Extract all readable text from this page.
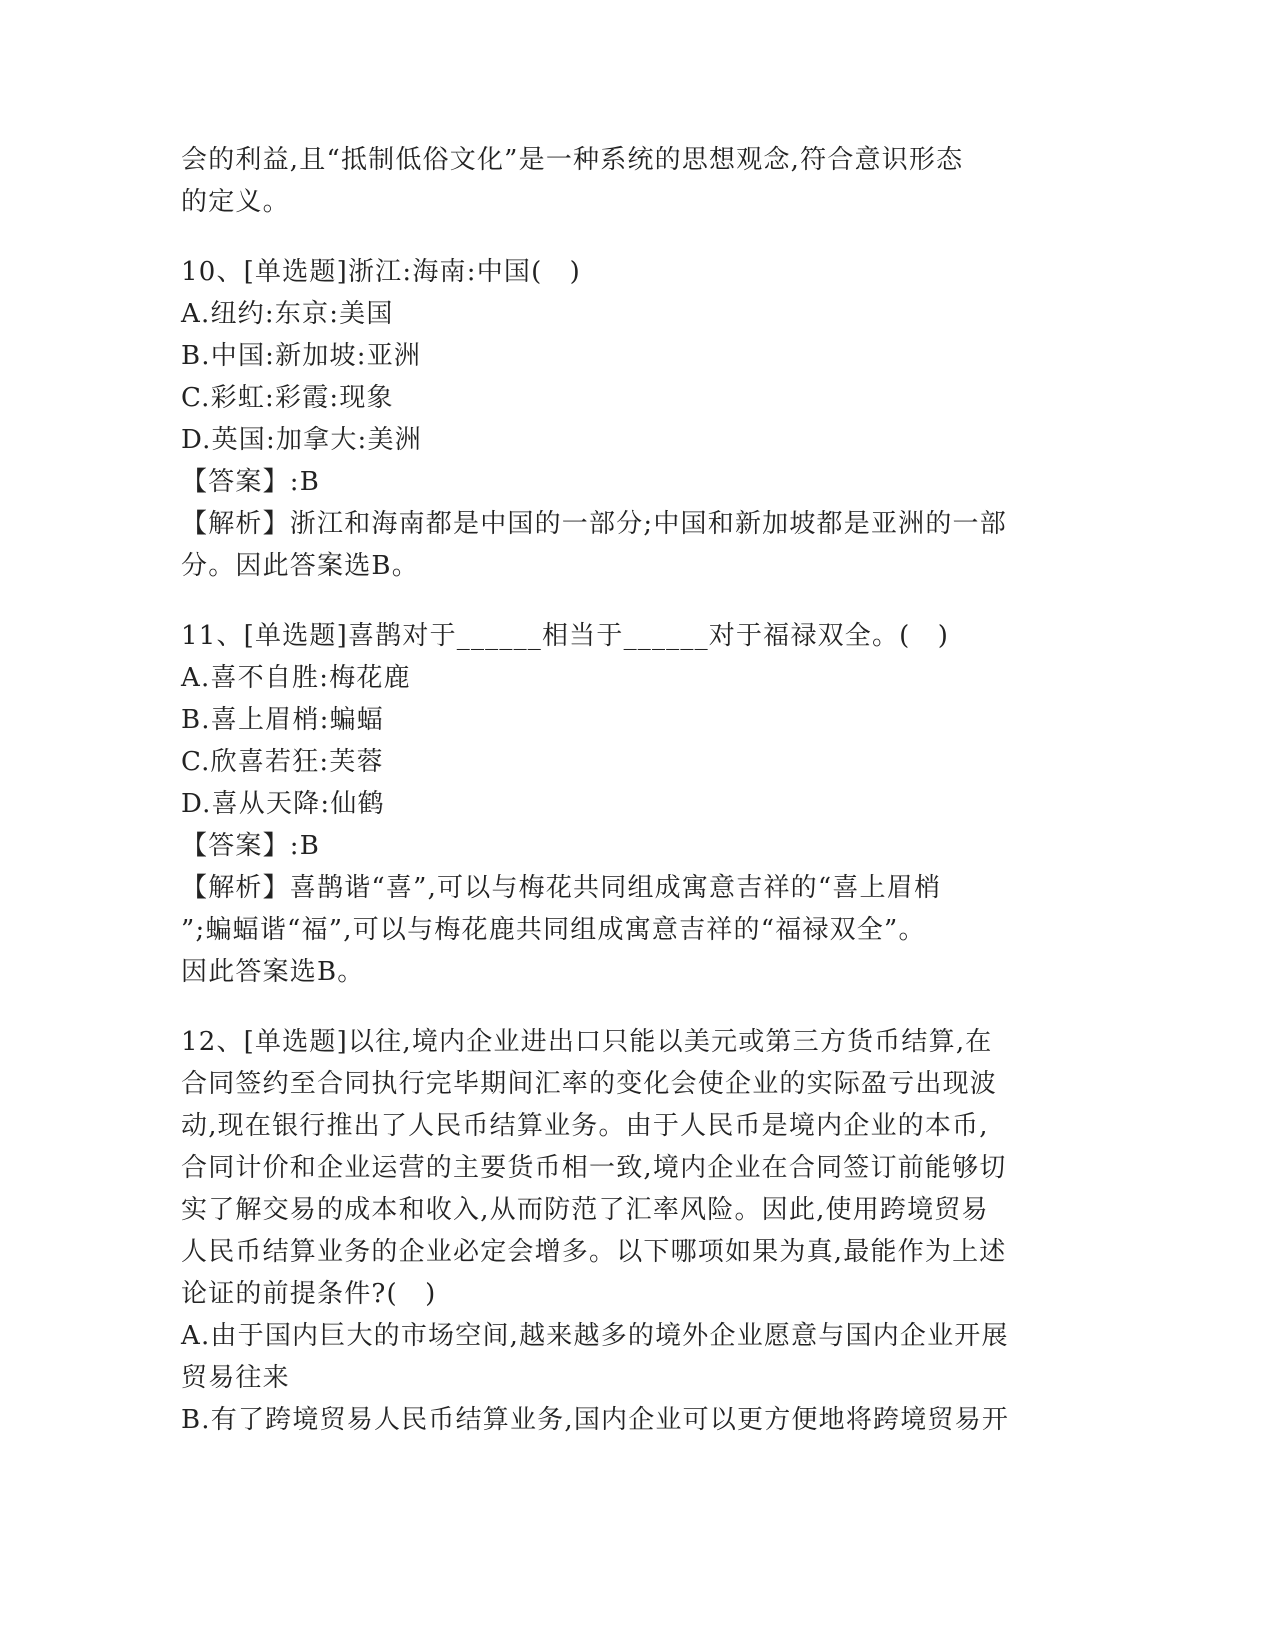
会的利益,且“抵制低俗文化”是一种系统的思想观念,符合意识形态
的定义。
10、[单选题]浙江:海南:中国(　)
A.纽约:东京:美国
B.中国:新加坡:亚洲
C.彩虹:彩霞:现象
D.英国:加拿大:美洲
【答案】:B
【解析】浙江和海南都是中国的一部分;中国和新加坡都是亚洲的一部
分。因此答案选B。
11、[单选题]喜鹊对于______相当于______对于福禄双全。(　)
A.喜不自胜:梅花鹿
B.喜上眉梢:蝙蝠
C.欣喜若狂:芙蓉
D.喜从天降:仙鹤
【答案】:B
【解析】喜鹊谐“喜”,可以与梅花共同组成寓意吉祥的“喜上眉梢
”;蝙蝠谐“福”,可以与梅花鹿共同组成寓意吉祥的“福禄双全”。
因此答案选B。
12、[单选题]以往,境内企业进出口只能以美元或第三方货币结算,在
合同签约至合同执行完毕期间汇率的变化会使企业的实际盈亏出现波
动,现在银行推出了人民币结算业务。由于人民币是境内企业的本币,
合同计价和企业运营的主要货币相一致,境内企业在合同签订前能够切
实了解交易的成本和收入,从而防范了汇率风险。因此,使用跨境贸易
人民币结算业务的企业必定会增多。以下哪项如果为真,最能作为上述
论证的前提条件?(　)
A.由于国内巨大的市场空间,越来越多的境外企业愿意与国内企业开展
贸易往来
B.有了跨境贸易人民币结算业务,国内企业可以更方便地将跨境贸易开
